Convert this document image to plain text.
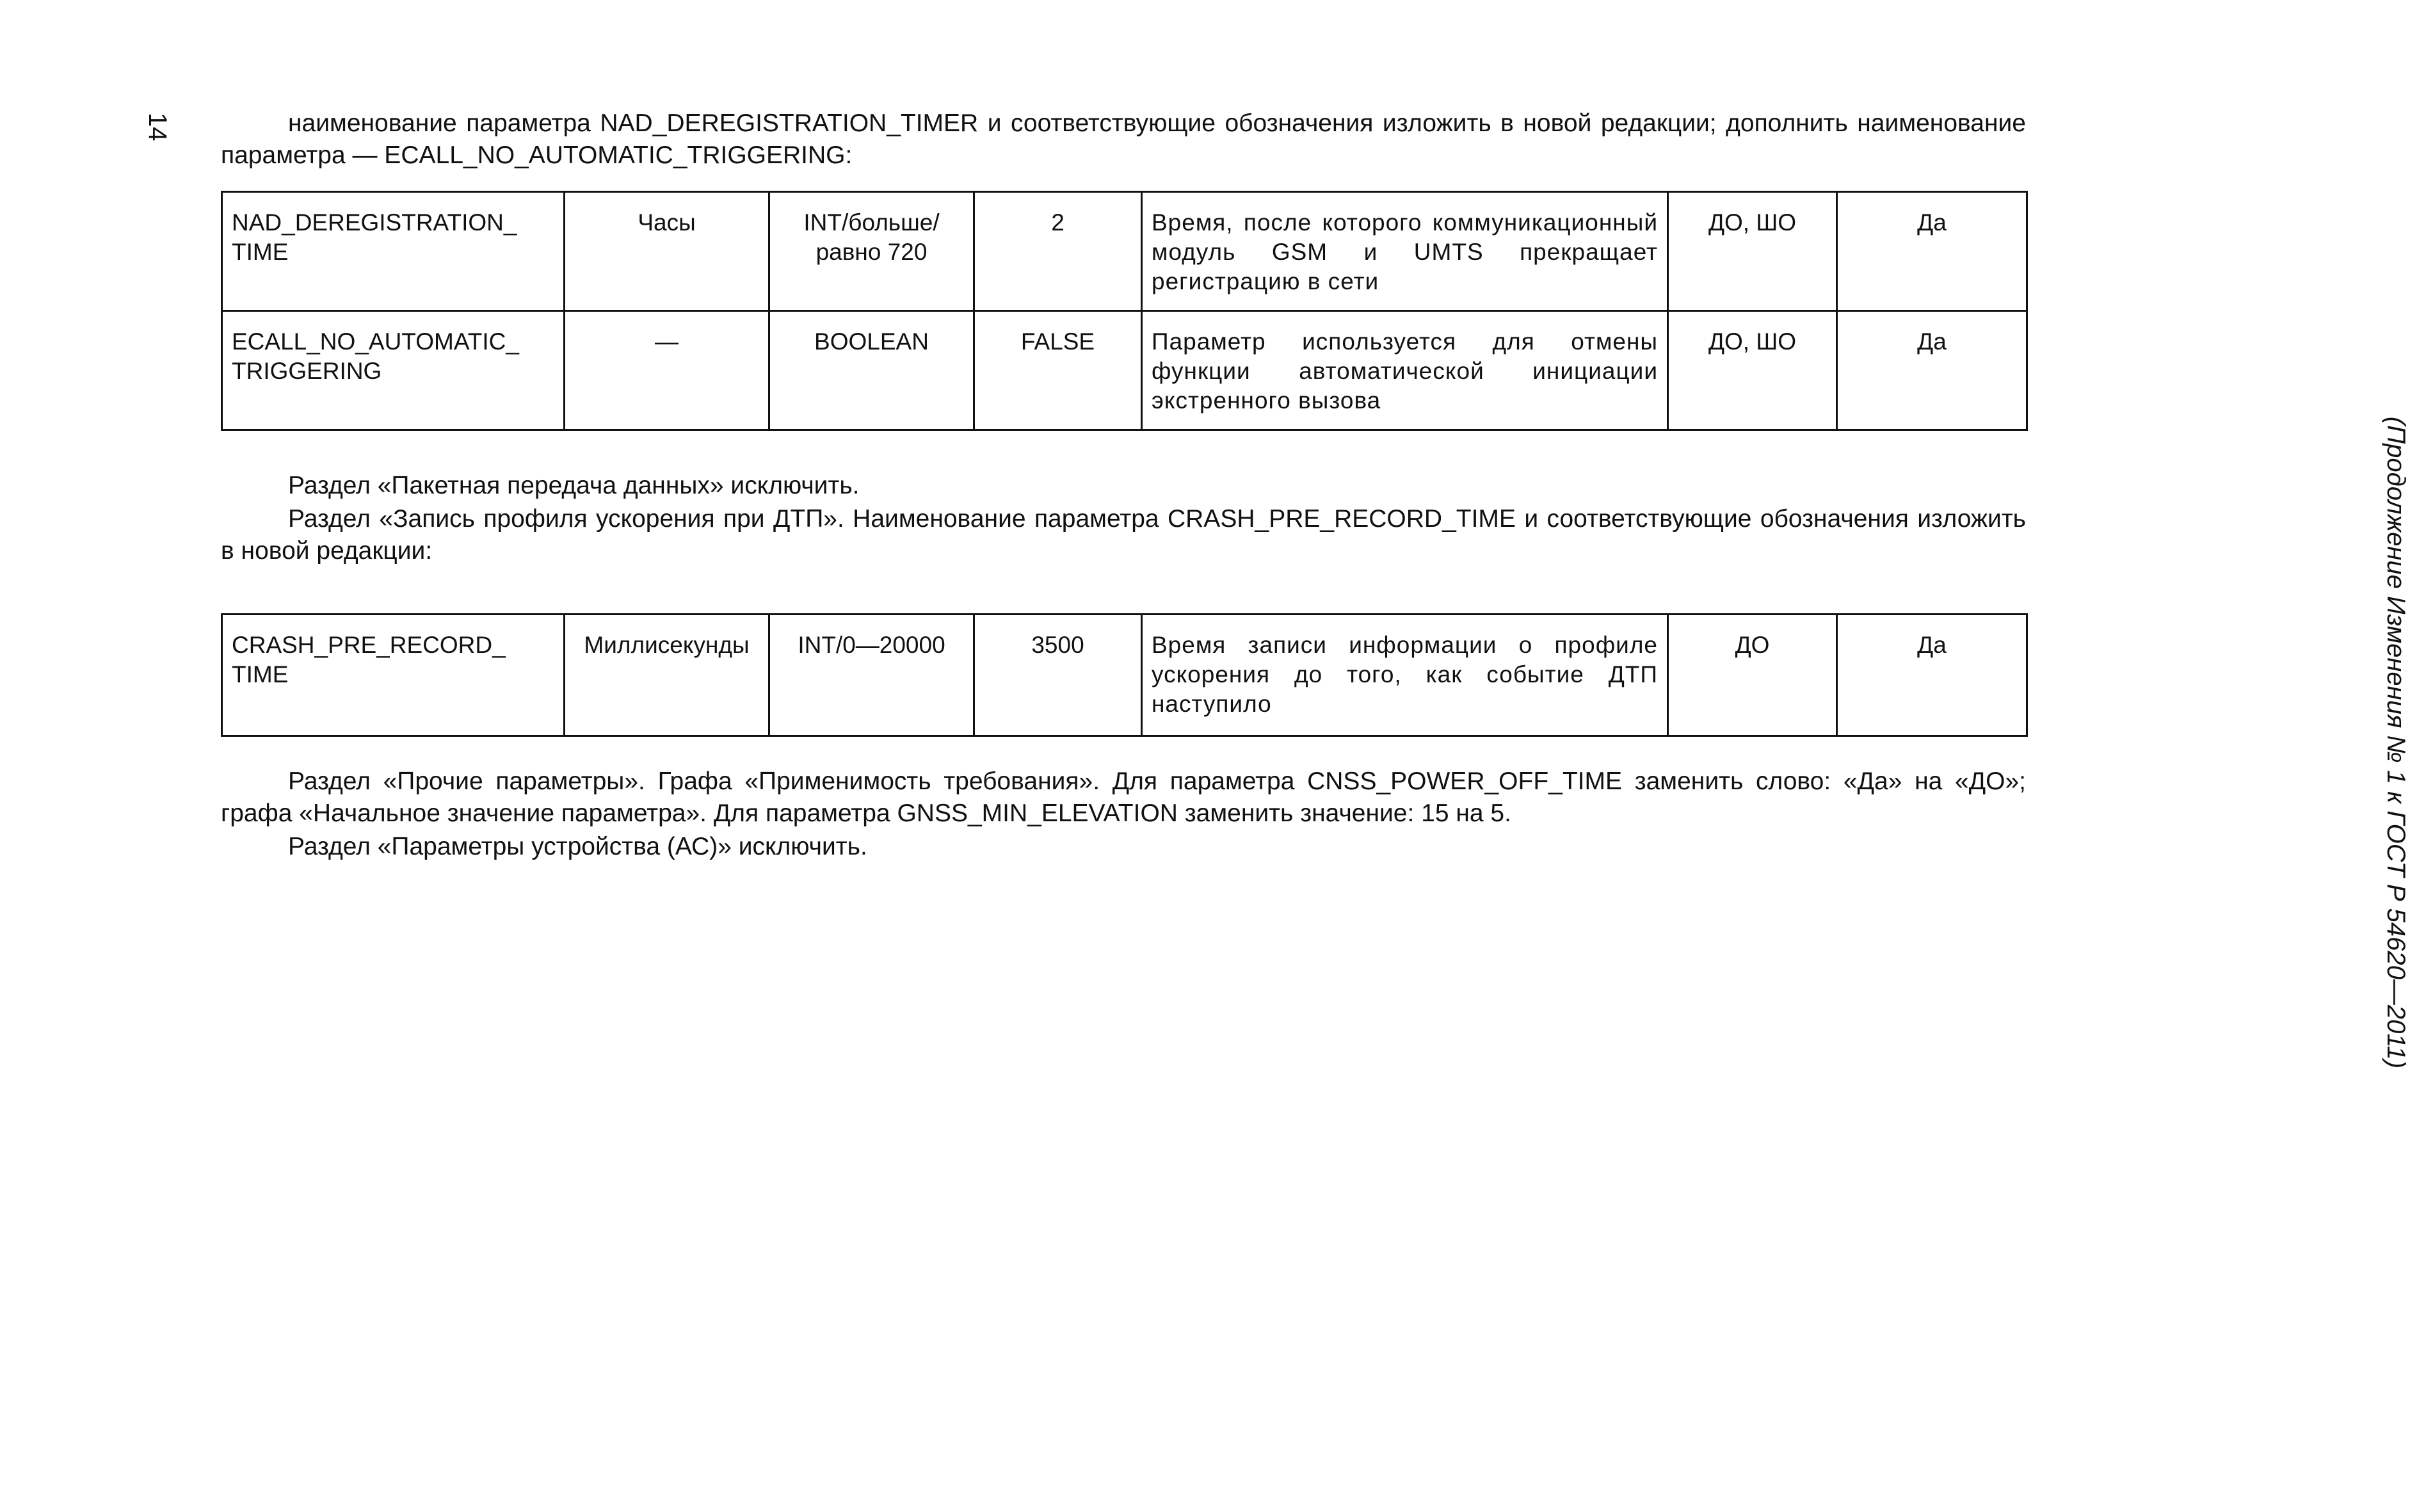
14
(Продолжение Изменения № 1 к ГОСТ Р 54620—2011)

наименование параметра NAD_DEREGISTRATION_TIMER и соответствующие обозначения изложить в новой редакции; дополнить наименование параметра — ECALL_NO_AUTOMATIC_TRIGGERING:

NAD_DEREGISTRATION_ TIME	Часы	INT/больше/ равно 720	2	Время, после которого коммуникационный модуль GSM и UMTS прекращает регистрацию в сети	ДО, ШО	Да
ECALL_NO_AUTOMATIC_ TRIGGERING	—	BOOLEAN	FALSE	Параметр используется для отмены функции автоматической инициации экстренного вызова	ДО, ШО	Да

Раздел «Пакетная передача данных» исключить.

Раздел «Запись профиля ускорения при ДТП». Наименование параметра CRASH_PRE_RECORD_TIME и соответствующие обозначения изложить в новой редакции:

CRASH_PRE_RECORD_ TIME	Миллисекунды	INT/0—20000	3500	Время записи информации о профиле ускорения до того, как событие ДТП наступило	ДО	Да

Раздел «Прочие параметры». Графа «Применимость требования». Для параметра CNSS_POWER_OFF_TIME заменить слово: «Да» на «ДО»; графа «Начальное значение параметра». Для параметра GNSS_MIN_ELEVATION заменить значение: 15 на 5.

Раздел «Параметры устройства (АС)» исключить.
